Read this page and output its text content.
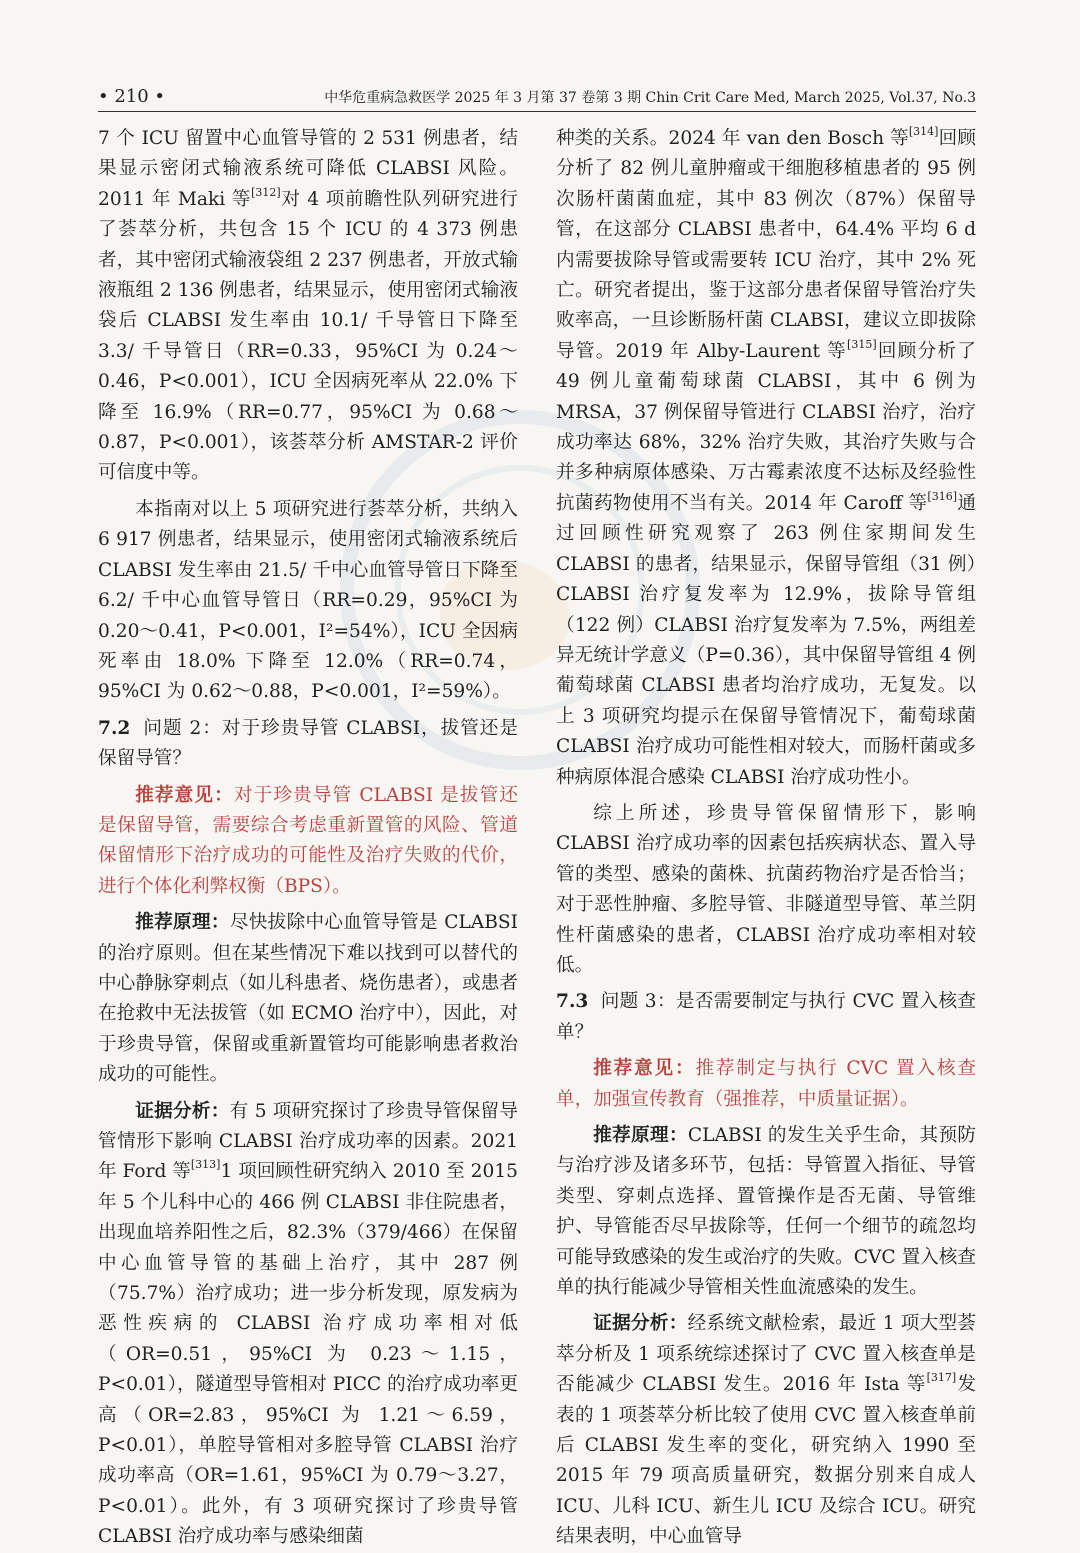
• 210 •	中华危重病急救医学 2025 年 3 月第 37 卷第 3 期 Chin Crit Care Med, March 2025, Vol.37, No.3

7 个 ICU 留置中心血管导管的 2 531 例患者，结果显示密闭式输液系统可降低 CLABSI 风险。2011 年 Maki 等[312]对 4 项前瞻性队列研究进行了荟萃分析，共包含 15 个 ICU 的 4 373 例患者，其中密闭式输液袋组 2 237 例患者，开放式输液瓶组 2 136 例患者，结果显示，使用密闭式输液袋后 CLABSI 发生率由 10.1/ 千导管日下降至 3.3/ 千导管日（RR=0.33，95%CI 为 0.24～0.46，P<0.001），ICU 全因病死率从 22.0% 下降至 16.9%（RR=0.77，95%CI 为 0.68～0.87，P<0.001），该荟萃分析 AMSTAR-2 评价可信度中等。

本指南对以上 5 项研究进行荟萃分析，共纳入 6 917 例患者，结果显示，使用密闭式输液系统后 CLABSI 发生率由 21.5/ 千中心血管导管日下降至 6.2/ 千中心血管导管日（RR=0.29，95%CI 为 0.20～0.41，P<0.001，I²=54%），ICU 全因病死率由 18.0% 下降至 12.0%（RR=0.74，95%CI 为 0.62～0.88，P<0.001，I²=59%）。

7.2 问题 2：对于珍贵导管 CLABSI，拔管还是保留导管？

推荐意见：对于珍贵导管 CLABSI 是拔管还是保留导管，需要综合考虑重新置管的风险、管道保留情形下治疗成功的可能性及治疗失败的代价，进行个体化利弊权衡（BPS）。

推荐原理：尽快拔除中心血管导管是 CLABSI 的治疗原则。但在某些情况下难以找到可以替代的中心静脉穿刺点（如儿科患者、烧伤患者），或患者在抢救中无法拔管（如 ECMO 治疗中），因此，对于珍贵导管，保留或重新置管均可能影响患者救治成功的可能性。

证据分析：有 5 项研究探讨了珍贵导管保留导管情形下影响 CLABSI 治疗成功率的因素。2021 年 Ford 等[313]1 项回顾性研究纳入 2010 至 2015 年 5 个儿科中心的 466 例 CLABSI 非住院患者，出现血培养阳性之后，82.3%（379/466）在保留中心血管导管的基础上治疗，其中 287 例（75.7%）治疗成功；进一步分析发现，原发病为恶性疾病的 CLABSI 治疗成功率相对低（OR=0.51，95%CI 为 0.23～1.15，P<0.01），隧道型导管相对 PICC 的治疗成功率更高（OR=2.83，95%CI 为 1.21～6.59，P<0.01），单腔导管相对多腔导管 CLABSI 治疗成功率高（OR=1.61，95%CI 为 0.79～3.27，P<0.01）。此外，有 3 项研究探讨了珍贵导管 CLABSI 治疗成功率与感染细菌

种类的关系。2024 年 van den Bosch 等[314]回顾分析了 82 例儿童肿瘤或干细胞移植患者的 95 例次肠杆菌菌血症，其中 83 例次（87%）保留导管，在这部分 CLABSI 患者中，64.4% 平均 6 d 内需要拔除导管或需要转 ICU 治疗，其中 2% 死亡。研究者提出，鉴于这部分患者保留导管治疗失败率高，一旦诊断肠杆菌 CLABSI，建议立即拔除导管。2019 年 Alby-Laurent 等[315]回顾分析了 49 例儿童葡萄球菌 CLABSI，其中 6 例为 MRSA，37 例保留导管进行 CLABSI 治疗，治疗成功率达 68%，32% 治疗失败，其治疗失败与合并多种病原体感染、万古霉素浓度不达标及经验性抗菌药物使用不当有关。2014 年 Caroff 等[316]通过回顾性研究观察了 263 例住家期间发生 CLABSI 的患者，结果显示，保留导管组（31 例）CLABSI 治疗复发率为 12.9%，拔除导管组（122 例）CLABSI 治疗复发率为 7.5%，两组差异无统计学意义（P=0.36），其中保留导管组 4 例葡萄球菌 CLABSI 患者均治疗成功，无复发。以上 3 项研究均提示在保留导管情况下，葡萄球菌 CLABSI 治疗成功可能性相对较大，而肠杆菌或多种病原体混合感染 CLABSI 治疗成功性小。

综上所述，珍贵导管保留情形下，影响 CLABSI 治疗成功率的因素包括疾病状态、置入导管的类型、感染的菌株、抗菌药物治疗是否恰当；对于恶性肿瘤、多腔导管、非隧道型导管、革兰阴性杆菌感染的患者，CLABSI 治疗成功率相对较低。

7.3 问题 3：是否需要制定与执行 CVC 置入核查单？

推荐意见：推荐制定与执行 CVC 置入核查单，加强宣传教育（强推荐，中质量证据）。

推荐原理：CLABSI 的发生关乎生命，其预防与治疗涉及诸多环节，包括：导管置入指征、导管类型、穿刺点选择、置管操作是否无菌、导管维护、导管能否尽早拔除等，任何一个细节的疏忽均可能导致感染的发生或治疗的失败。CVC 置入核查单的执行能减少导管相关性血流感染的发生。

证据分析：经系统文献检索，最近 1 项大型荟萃分析及 1 项系统综述探讨了 CVC 置入核查单是否能减少 CLABSI 发生。2016 年 Ista 等[317]发表的 1 项荟萃分析比较了使用 CVC 置入核查单前后 CLABSI 发生率的变化，研究纳入 1990 至 2015 年 79 项高质量研究，数据分别来自成人 ICU、儿科 ICU、新生儿 ICU 及综合 ICU。研究结果表明，中心血管导
